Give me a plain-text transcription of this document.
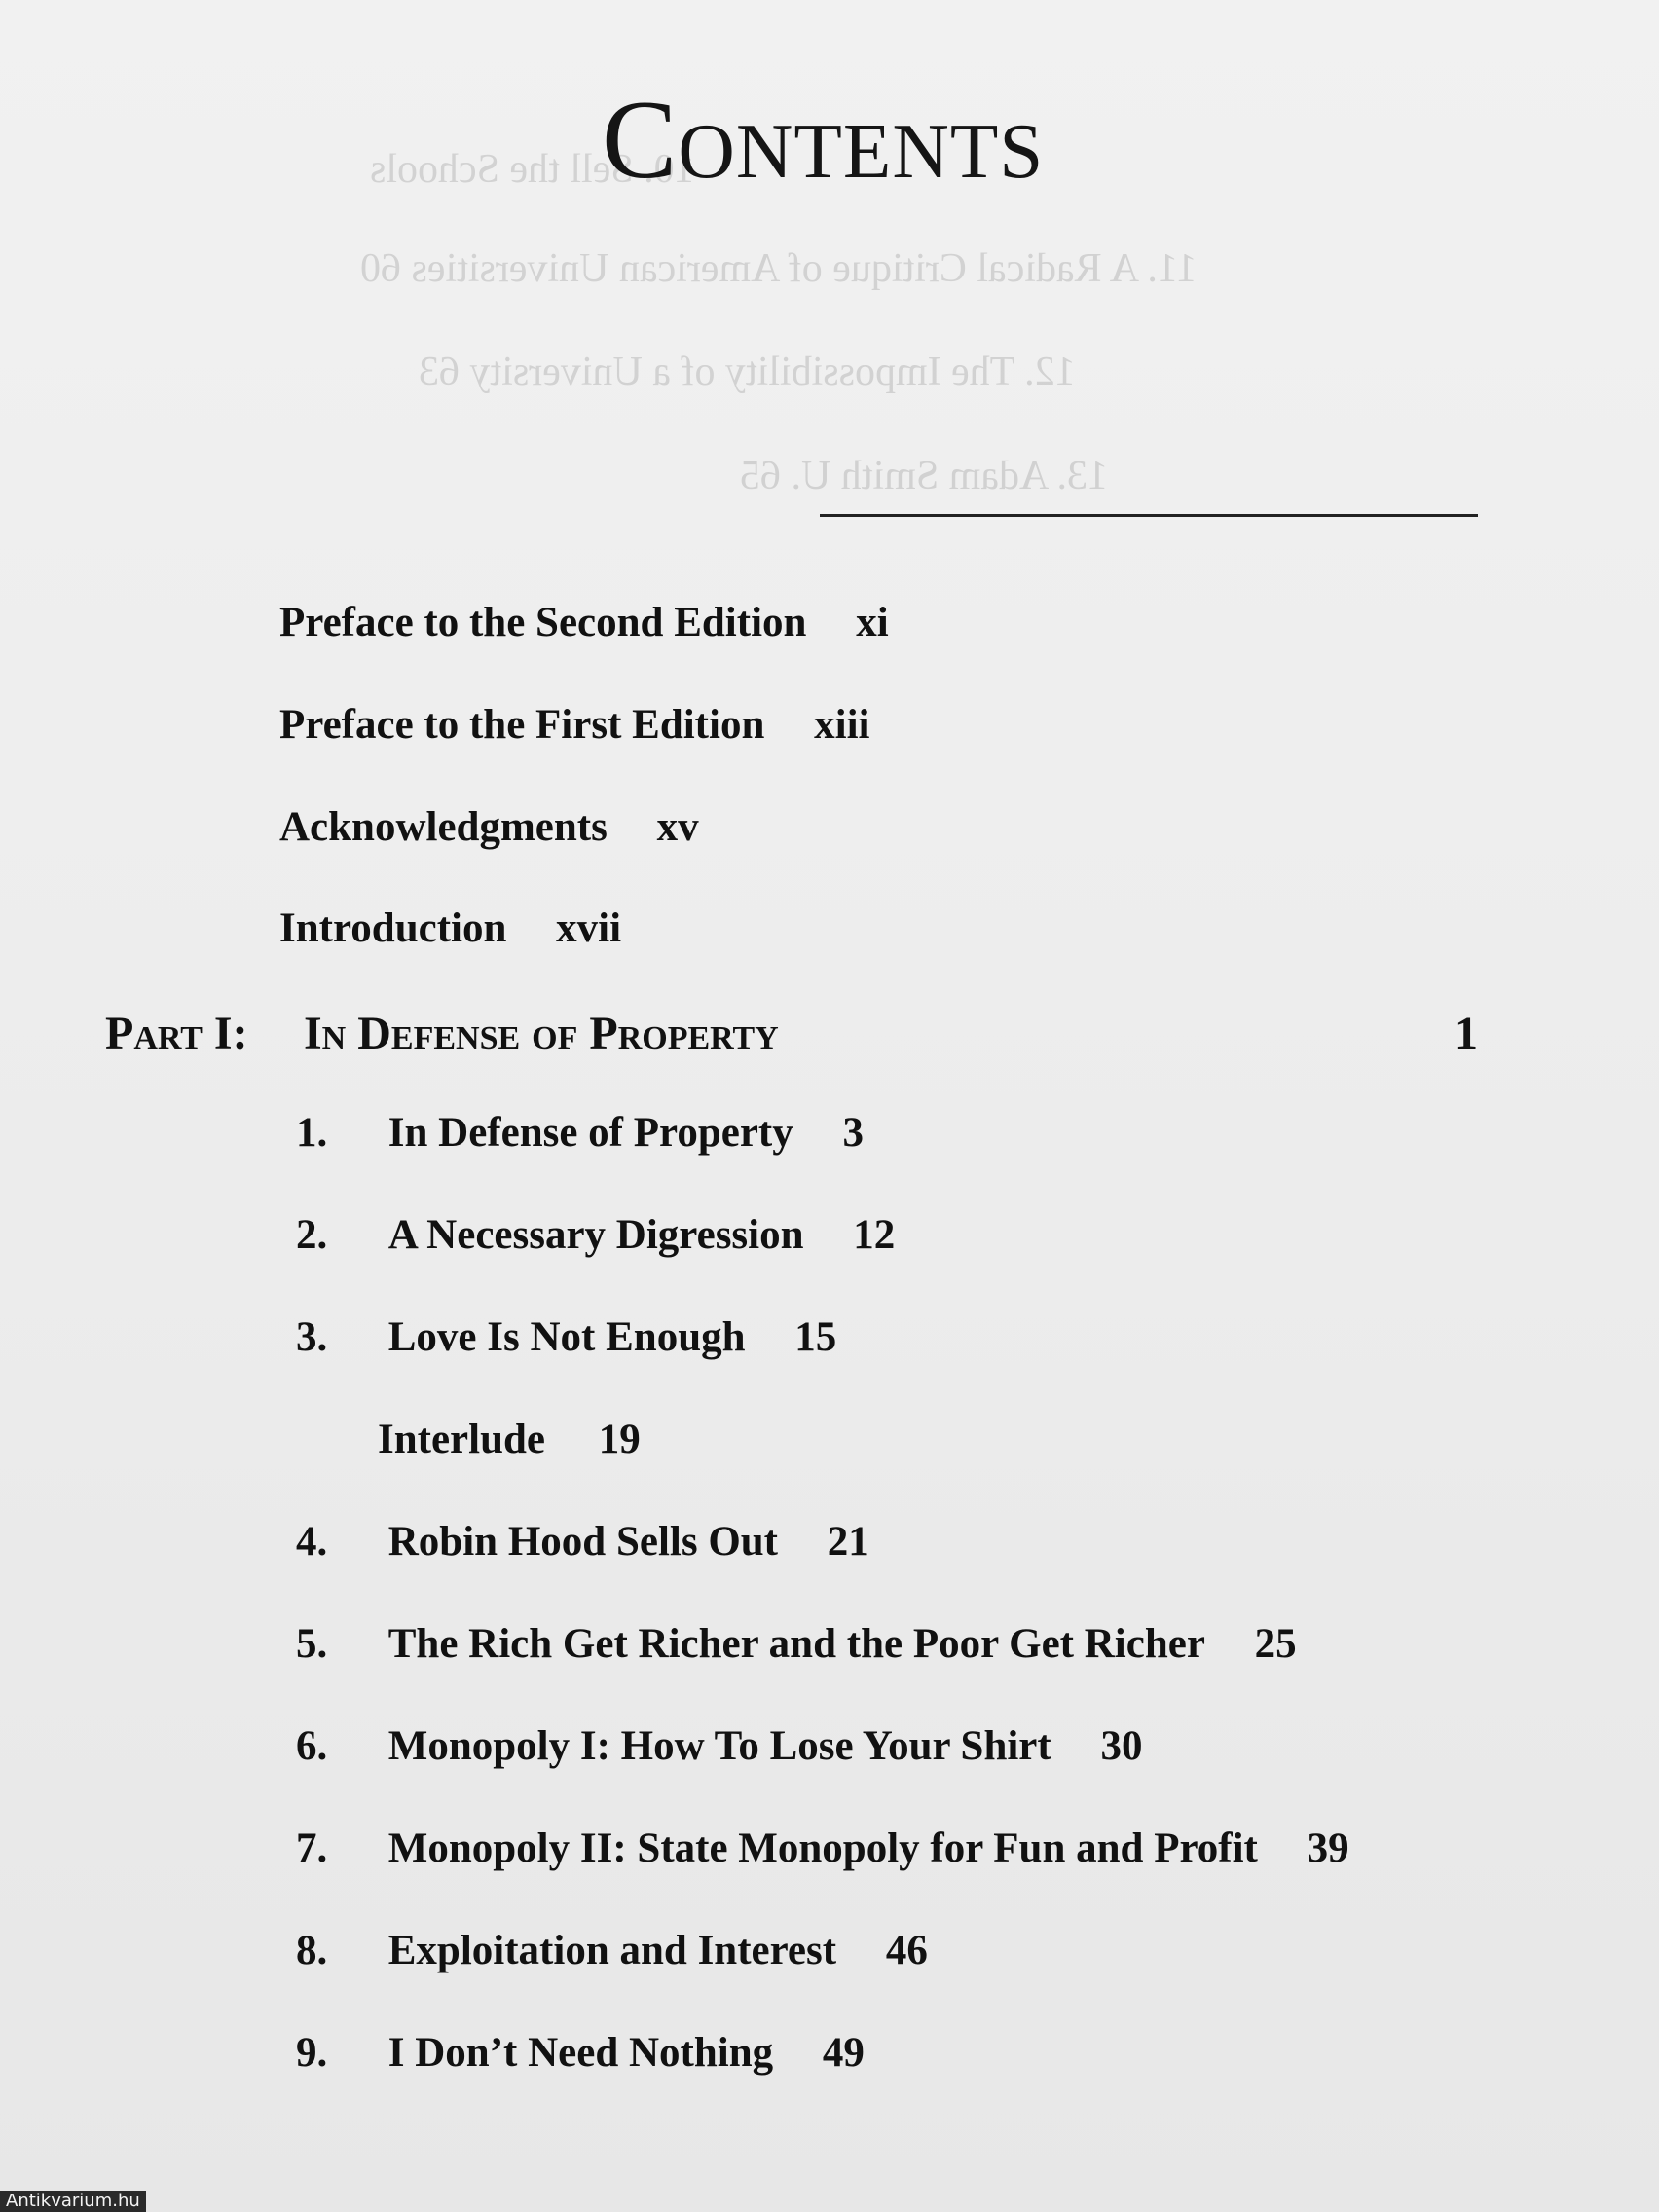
10. Sell the Schools
11. A Radical Critique of American Universities 60
12. The Impossibility of a University 63
13. Adam Smith U. 65
Contents
Preface to the Second Edition xi
Preface to the First Edition xiii
Acknowledgments xv
Introduction xvii
Part I: In Defense of Property	1
1. In Defense of Property 3
2. A Necessary Digression 12
3. Love Is Not Enough 15
Interlude 19
4. Robin Hood Sells Out 21
5. The Rich Get Richer and the Poor Get Richer 25
6. Monopoly I: How To Lose Your Shirt 30
7. Monopoly II: State Monopoly for Fun and Profit 39
8. Exploitation and Interest 46
9. I Don’t Need Nothing 49
Antikvarium.hu
